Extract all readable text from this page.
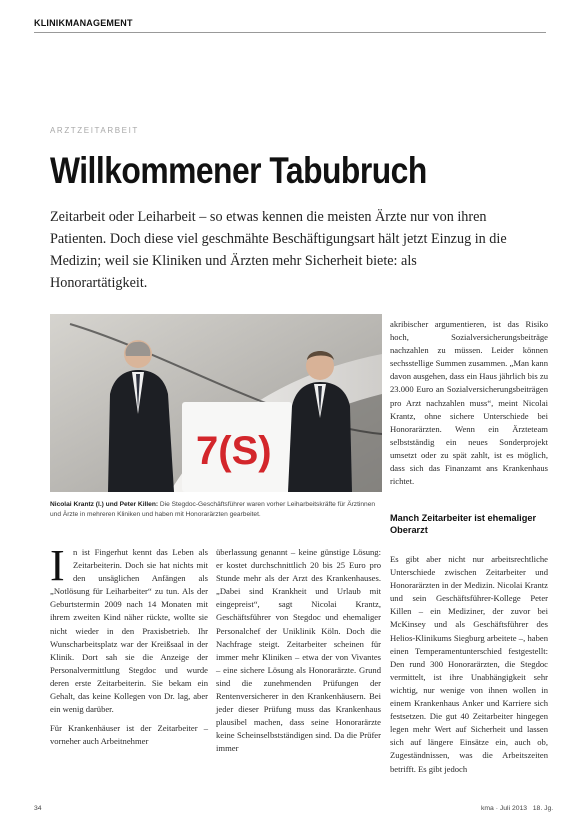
KLINIKMANAGEMENT
ARZTZEITARBEIT
Willkommener Tabubruch

Zeitarbeit oder Leiharbeit – so etwas kennen die meisten Ärzte nur von ihren Patienten. Doch diese viel geschmähte Beschäftigungsart hält jetzt Einzug in die Medizin; weil sie Kliniken und Ärzten mehr Sicherheit biete: als Honorartätigkeit.

7(S)

Nicolai Krantz (l.) und Peter Killen: Die Stegdoc-Geschäftsführer waren vorher Leiharbeitskräfte für Ärztinnen und Ärzte in mehreren Kliniken und haben mit Honorarärzten gearbeitet.

I n ist Fingerhut kennt das Leben als Zeitarbeiterin. Doch sie hat nichts mit den unsäglichen Anfängen als „Notlösung für Leiharbeiter“ zu tun. Als der Geburtstermin 2009 nach 14 Monaten mit ihrem zweiten Kind näher rückte, wollte sie nicht wieder in den Praxisbetrieb. Ihr Wunscharbeitsplatz war der Kreißsaal in der Klinik. Dort sah sie die Anzeige der Personalvermittlung Stegdoc und wurde deren erste Zeitarbeiterin. Sie bekam ein Gehalt, das keine Kollegen von Dr. lag, aber ein wenig darüber.

Für Krankenhäuser ist der Zeitarbeiter – vorneher auch Arbeitnehmer

überlassung genannt – keine günstige Lösung: er kostet durchschnittlich 20 bis 25 Euro pro Stunde mehr als der Arzt des Krankenhauses. „Dabei sind Krankheit und Urlaub mit eingepreist“, sagt Nicolai Krantz, Geschäftsführer von Stegdoc und ehemaliger Personalchef der Uniklinik Köln. Doch die Nachfrage steigt. Zeitarbeiter scheinen für immer mehr Kliniken – etwa der von Vivantes – eine sichere Lösung als Honorarärzte. Grund sind die zunehmenden Prüfungen der Rentenversicherer in den Krankenhäusern. Bei jeder dieser Prüfung muss das Krankenhaus plausibel machen, dass seine Honorarärzte keine Scheinselbstständigen sind. Da die Prüfer immer

akribischer argumentieren, ist das Risiko hoch, Sozialversicherungsbeiträge nachzahlen zu müssen. Leider können sechsstellige Summen zusammen. „Man kann davon ausgehen, dass ein Haus jährlich bis zu 23.000 Euro an Sozialversicherungsbeiträgen pro Arzt nachzahlen muss“, meint Nicolai Krantz, ohne sichere Unterschiede bei Honorarärzten. Wenn ein Ärzteteam selbstständig ein neues Sonderprojekt umsetzt oder zu spät zahlt, ist es möglich, dass sich das Finanzamt ans Krankenhaus richtet.

Manch Zeitarbeiter ist ehemaliger Oberarzt

Es gibt aber nicht nur arbeitsrechtliche Unterschiede zwischen Zeitarbeiter und Honorarärzten in der Medizin. Nicolai Krantz und sein Geschäftsführer-Kollege Peter Killen – ein Mediziner, der zuvor bei McKinsey und als Geschäftsführer des Helios-Klinikums Siegburg arbeitete –, haben einen Temperamentunterschied festgestellt: Den rund 300 Honorarärzten, die Stegdoc vermittelt, ist ihre Unabhängigkeit sehr wichtig, nur wenige von ihnen wollen in einem Krankenhaus Anker und Karriere sich festsetzen. Die gut 40 Zeitarbeiter hingegen legen mehr Wert auf Sicherheit und lassen sich auf längere Einsätze ein, auch ob, Zugeständnissen, was die Arbeitszeiten betrifft. Es gibt jedoch

34	kma · Juli 2013 18. Jg.
